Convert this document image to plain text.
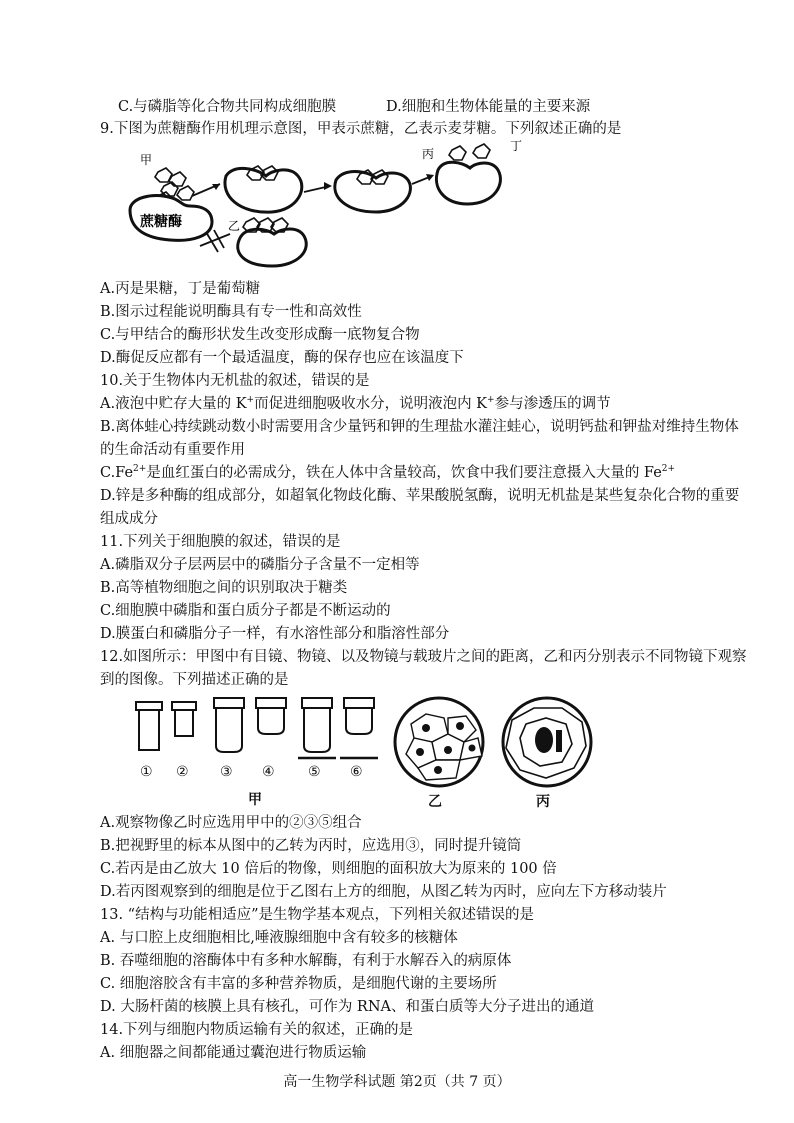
C.与磷脂等化合物共同构成细胞膜	D.细胞和生物体能量的主要来源
9.下图为蔗糖酶作用机理示意图，甲表示蔗糖，乙表示麦芽糖。下列叙述正确的是
甲
蔗糖酶
丙
丁
乙
A.丙是果糖，丁是葡萄糖
B.图示过程能说明酶具有专一性和高效性
C.与甲结合的酶形状发生改变形成酶一底物复合物
D.酶促反应都有一个最适温度，酶的保存也应在该温度下
10.关于生物体内无机盐的叙述，错误的是
A.液泡中贮存大量的 K+而促进细胞吸收水分，说明液泡内 K+参与渗透压的调节
B.离体蛙心持续跳动数小时需要用含少量钙和钾的生理盐水灌注蛙心，说明钙盐和钾盐对维持生物体的生命活动有重要作用
$C.Fe^{2+}$是血红蛋白的必需成分，铁在人体中含量较高，饮食中我们要注意摄入大量的 $Fe^{2+}$
D.锌是多种酶的组成部分，如超氧化物歧化酶、苹果酸脱氢酶，说明无机盐是某些复杂化合物的重要组成成分
11.下列关于细胞膜的叙述，错误的是
A.磷脂双分子层两层中的磷脂分子含量不一定相等
B.高等植物细胞之间的识别取决于糖类
C.细胞膜中磷脂和蛋白质分子都是不断运动的
D.膜蛋白和磷脂分子一样，有水溶性部分和脂溶性部分
12.如图所示：甲图中有目镜、物镜、以及物镜与载玻片之间的距离，乙和丙分别表示不同物镜下观察到的图像。下列描述正确的是
① ② ③ ④ ⑤ ⑥
甲	乙	丙
A.观察物像乙时应选用甲中的②③⑤组合
B.把视野里的标本从图中的乙转为丙时，应选用③，同时提升镜筒
C.若丙是由乙放大 10 倍后的物像，则细胞的面积放大为原来的 100 倍
D.若丙图观察到的细胞是位于乙图右上方的细胞，从图乙转为丙时，应向左下方移动装片
13. “结构与功能相适应”是生物学基本观点，下列相关叙述错误的是
A. 与口腔上皮细胞相比,唾液腺细胞中含有较多的核糖体
B. 吞噬细胞的溶酶体中有多种水解酶，有利于水解吞入的病原体
C. 细胞溶胶含有丰富的多种营养物质，是细胞代谢的主要场所
D. 大肠杆菌的核膜上具有核孔，可作为 RNA、和蛋白质等大分子进出的通道
14.下列与细胞内物质运输有关的叙述，正确的是
A. 细胞器之间都能通过囊泡进行物质运输
高一生物学科试题 第2页（共 7 页）
